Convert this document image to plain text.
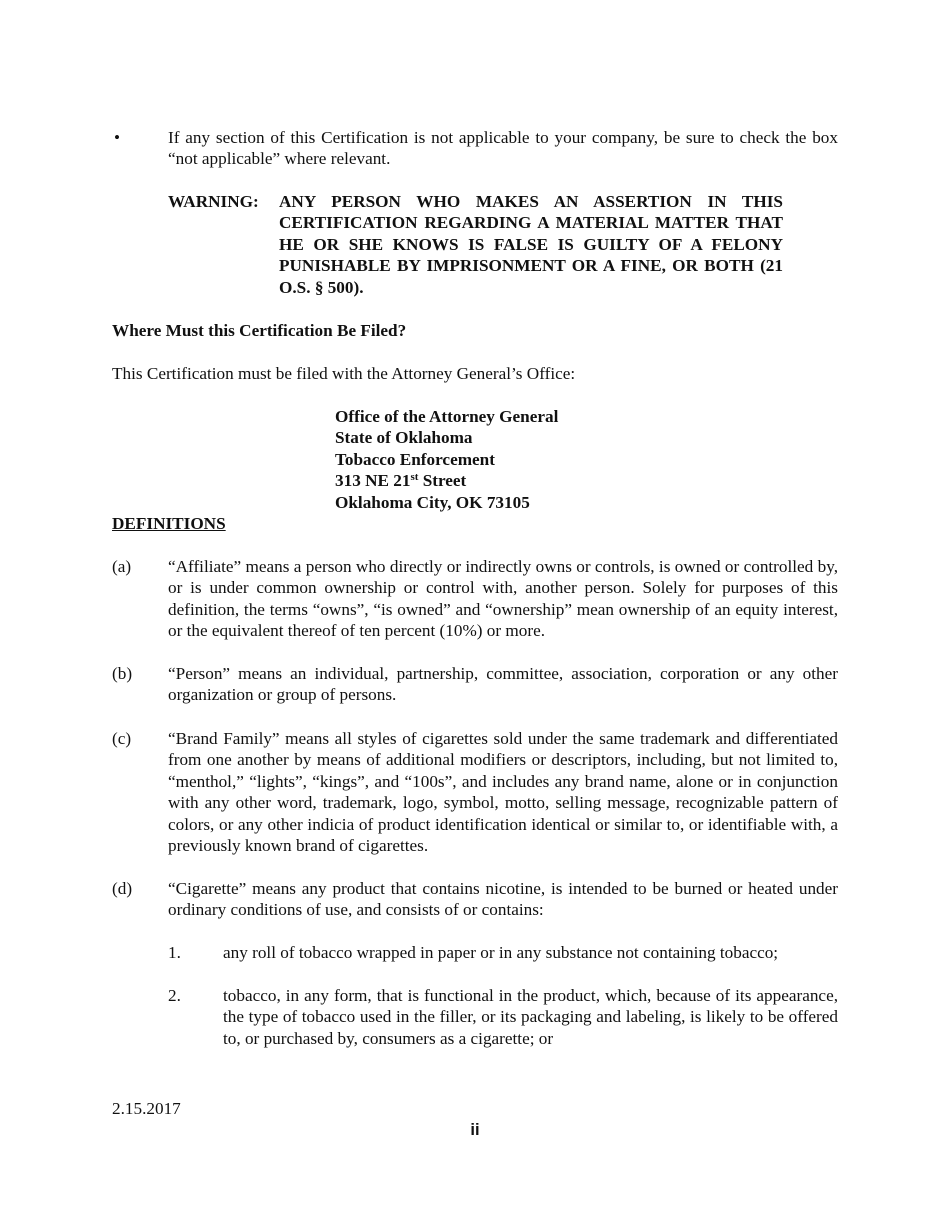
•	If any section of this Certification is not applicable to your company, be sure to check the box “not applicable” where relevant.
WARNING: ANY PERSON WHO MAKES AN ASSERTION IN THIS CERTIFICATION REGARDING A MATERIAL MATTER THAT HE OR SHE KNOWS IS FALSE IS GUILTY OF A FELONY PUNISHABLE BY IMPRISONMENT OR A FINE, OR BOTH (21 O.S. § 500).
Where Must this Certification Be Filed?
This Certification must be filed with the Attorney General’s Office:
Office of the Attorney General
State of Oklahoma
Tobacco Enforcement
313 NE 21st Street
Oklahoma City, OK 73105
DEFINITIONS
(a) “Affiliate” means a person who directly or indirectly owns or controls, is owned or controlled by, or is under common ownership or control with, another person. Solely for purposes of this definition, the terms “owns”, “is owned” and “ownership” mean ownership of an equity interest, or the equivalent thereof of ten percent (10%) or more.
(b) “Person” means an individual, partnership, committee, association, corporation or any other organization or group of persons.
(c) “Brand Family” means all styles of cigarettes sold under the same trademark and differentiated from one another by means of additional modifiers or descriptors, including, but not limited to, “menthol,” “lights”, “kings”, and “100s”, and includes any brand name, alone or in conjunction with any other word, trademark, logo, symbol, motto, selling message, recognizable pattern of colors, or any other indicia of product identification identical or similar to, or identifiable with, a previously known brand of cigarettes.
(d) “Cigarette” means any product that contains nicotine, is intended to be burned or heated under ordinary conditions of use, and consists of or contains:
1. any roll of tobacco wrapped in paper or in any substance not containing tobacco;
2. tobacco, in any form, that is functional in the product, which, because of its appearance, the type of tobacco used in the filler, or its packaging and labeling, is likely to be offered to, or purchased by, consumers as a cigarette; or
2.15.2017
ii
